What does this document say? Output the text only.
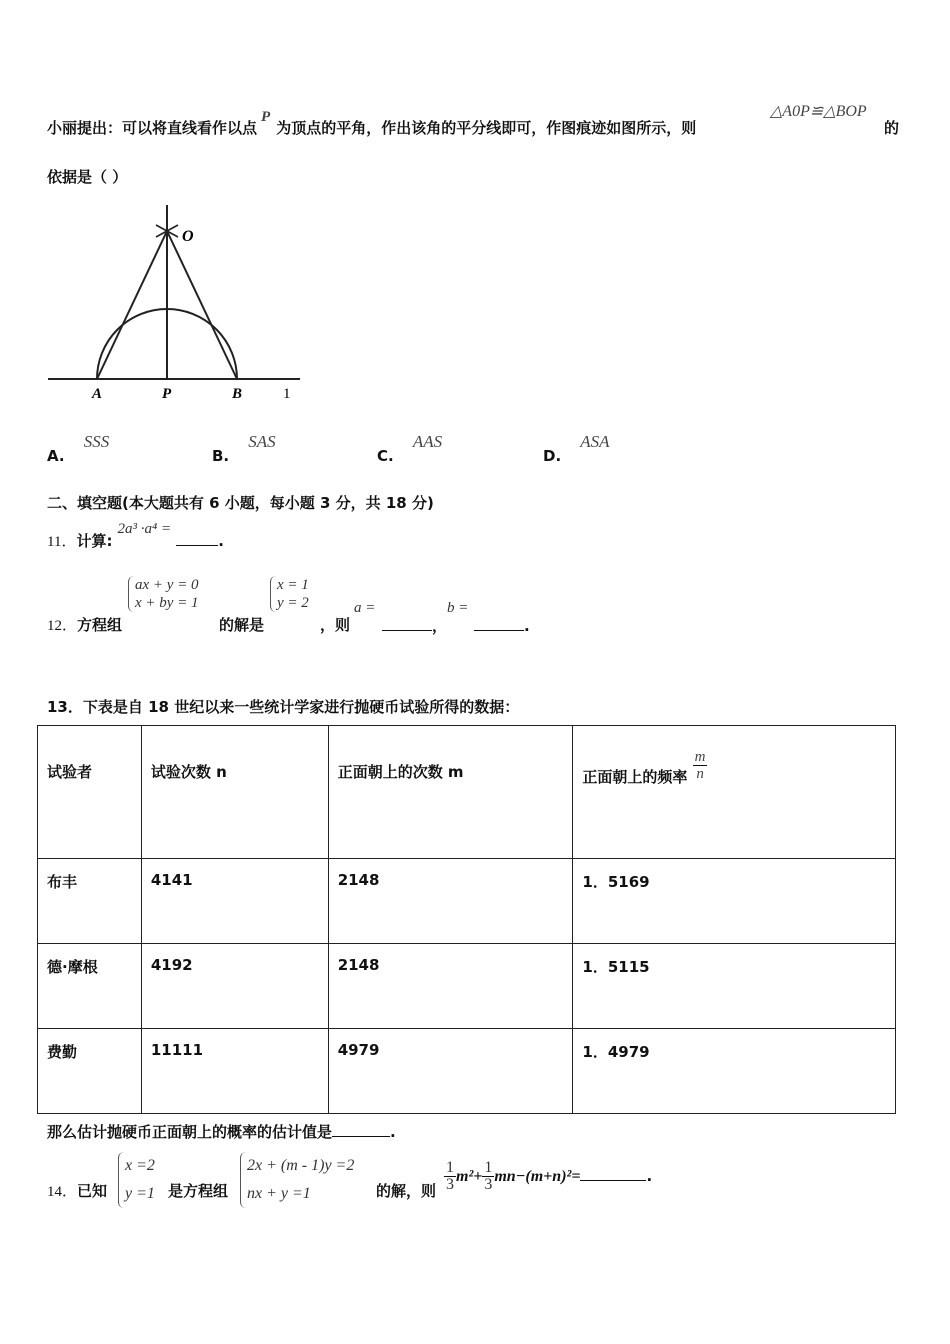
小丽提出：可以将直线看作以点P为顶点的平角，作出该角的平分线即可，作图痕迹如图所示，则
△A0P≌△BOP
的
依据是（ ）
O
A	P	B	1
A. SSS
B. SAS
C. AAS
D. ASA
二、填空题(本大题共有 6 小题，每小题 3 分，共 18 分)
11．计算: 2a³ ·a⁴ = .
12．方程组
ax + y = 0
x + by = 1
的解是
x = 1
y = 2
，则
a =
，
b =
.
13．下表是自 18 世纪以来一些统计学家进行抛硬币试验所得的数据：
试验者	试验次数 n	正面朝上的次数 m	正面朝上的频率 $\frac{m}{n}$

布丰	4141	2148	1．5169
德·摩根	4192	2148	1．5115
费勤	11111	4979	1．4979
那么估计抛硬币正面朝上的概率的估计值是	.
14．已知
x =2
y =1 是方程组
2x + (m - 1)y =2
nx + y =1	的解，则 $\frac{1}{3} m^2+ \frac{1}{3} mn-(m+n)^2=$	.
